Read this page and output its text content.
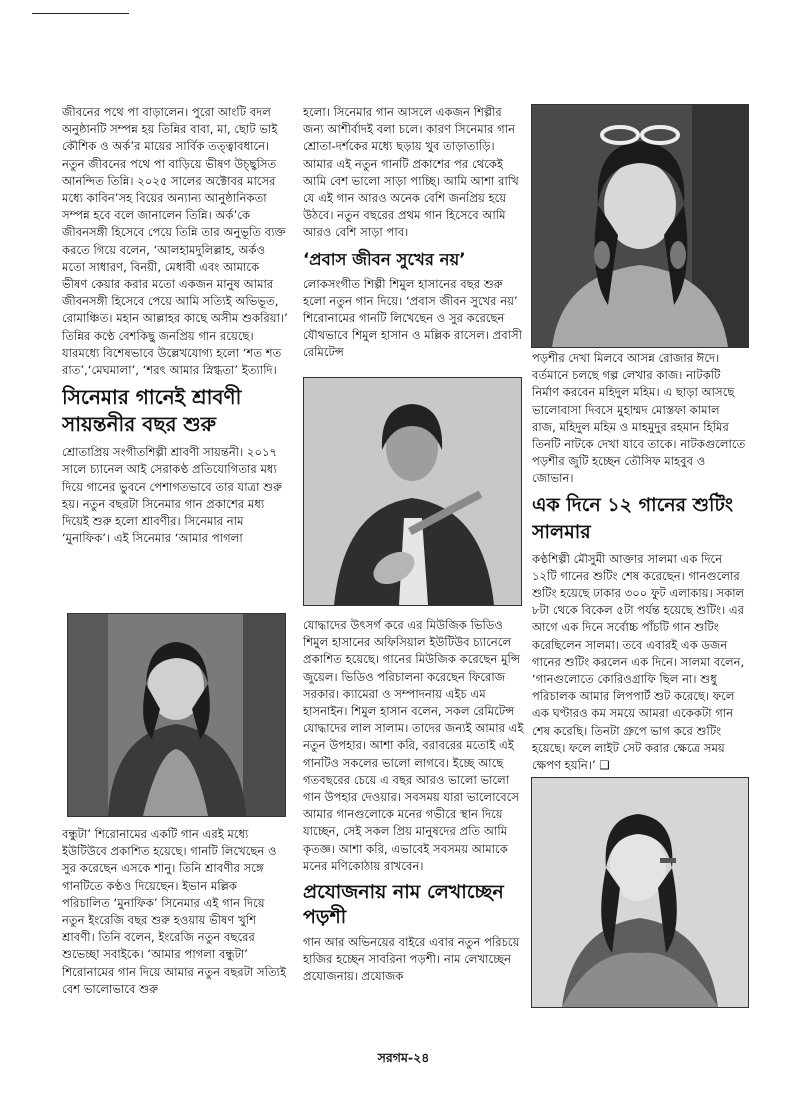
জীবনের পথে পা বাড়ালেন। পুরো আংটি বদল অনুষ্ঠানটি সম্পন্ন হয় তিন্নির বাবা, মা, ছোট ভাই কৌশিক ও অর্ক’র মায়ের সার্বিক তত্ত্বাবধানে। নতুন জীবনের পথে পা বাড়িয়ে ভীষণ উচ্ছ্বসিত আনন্দিত তিন্নি। ২০২৫ সালের অক্টোবর মাসের মধ্যে কাবিন’সহ বিয়ের অন্যান্য আনুষ্ঠানিকতা সম্পন্ন হবে বলে জানালেন তিন্নি। অর্ক’কে জীবনসঙ্গী হিসেবে পেয়ে তিন্নি তার অনুভূতি ব্যক্ত করতে গিয়ে বলেন, ‘আলহামদুলিল্লাহ, অর্কও মতো সাধারণ, বিনয়ী, মেধাবী এবং আমাকে ভীষণ কেয়ার করার মতো একজন মানুষ আমার জীবনসঙ্গী হিসেবে পেয়ে আমি সত্যিই অভিভূত, রোমাঞ্চিত। মহান আল্লাহর কাছে অসীম শুকরিয়া।’ তিন্নির কণ্ঠে বেশকিছু জনপ্রিয় গান রয়েছে। যারমধ্যে বিশেষভাবে উল্লেখযোগ্য হলো ‘শত শত রাত’,‘মেঘমালা’, ‘শরৎ আমার স্নিগ্ধতা’ ইত্যাদি।

সিনেমার গানেই শ্রাবণী সায়ন্তনীর বছর শুরু

শ্রোতাপ্রিয় সংগীতশিল্পী শ্রাবণী সায়ন্তনী। ২০১৭ সালে চ্যানেল আই সেরাকণ্ঠ প্রতিযোগিতার মধ্য দিয়ে গানের ভুবনে পেশাগতভাবে তার যাত্রা শুরু হয়। নতুন বছরটা সিনেমার গান প্রকাশের মধ্য দিয়েই শুরু হলো শ্রাবণীর। সিনেমার নাম ‘মুনাফিক’। এই সিনেমার ‘আমার পাগলা

বন্ধুটা’ শিরোনামের একটি গান এরই মধ্যে ইউটিউবে প্রকাশিত হয়েছে। গানটি লিখেছেন ও সুর করেছেন এসকে শানু। তিনি শ্রাবণীর সঙ্গে গানটিতে কণ্ঠও দিয়েছেন। ইভান মল্লিক পরিচালিত ‘মুনাফিক’ সিনেমার এই গান দিয়ে নতুন ইংরেজি বছর শুরু হওয়ায় ভীষণ খুশি শ্রাবণী। তিনি বলেন, ইংরেজি নতুন বছরের শুভেচ্ছা সবাইকে। ‘আমার পাগলা বন্ধুটা’ শিরোনামের গান দিয়ে আমার নতুন বছরটা সত্যিই বেশ ভালোভাবে শুরু

হলো। সিনেমার গান আসলে একজন শিল্পীর জন্য আশীর্বাদই বলা চলে। কারণ সিনেমার গান শ্রোতা-দর্শকের মধ্যে ছড়ায় খুব তাড়াতাড়ি। আমার এই নতুন গানটি প্রকাশের পর থেকেই আমি বেশ ভালো সাড়া পাচ্ছি। আমি আশা রাখি যে এই গান আরও অনেক বেশি জনপ্রিয় হয়ে উঠবে। নতুন বছরের প্রথম গান হিসেবে আমি আরও বেশি সাড়া পাব।

‘প্রবাস জীবন সুখের নয়’

লোকসংগীত শিল্পী শিমুল হাসানের বছর শুরু হলো নতুন গান দিয়ে। ‘প্রবাস জীবন সুখের নয়’ শিরোনামের গানটি লিখেছেন ও সুর করেছেন যৌথভাবে শিমুল হাসান ও মল্লিক রাসেল। প্রবাসী রেমিটেন্স

যোদ্ধাদের উৎসর্গ করে এর মিউজিক ভিডিও শিমুল হাসানের অফিসিয়াল ইউটিউব চ্যানেলে প্রকাশিত হয়েছে। গানের মিউজিক করেছেন মুন্সি জুয়েল। ভিডিও পরিচালনা করেছেন ফিরোজ সরকার। ক্যামেরা ও সম্পাদনায় এইচ এম হাসনাইন। শিমুল হাসান বলেন, সকল রেমিটেন্স যোদ্ধাদের লাল সালাম। তাদের জন্যই আমার এই নতুন উপহার। আশা করি, বরাবরের মতোই এই গানটিও সকলের ভালো লাগবে। ইচ্ছে আছে গতবছরের চেয়ে এ বছর আরও ভালো ভালো গান উপহার দেওয়ার। সবসময় যারা ভালোবেসে আমার গানগুলোকে মনের গভীরে স্থান দিয়ে যাচ্ছেন, সেই সকল প্রিয় মানুষদের প্রতি আমি কৃতজ্ঞ। আশা করি, এভাবেই সবসময় আমাকে মনের মণিকোঠায় রাখবেন।

প্রযোজনায় নাম লেখাচ্ছেন পড়শী

গান আর অভিনয়ের বাইরে এবার নতুন পরিচয়ে হাজির হচ্ছেন সাবরিনা পড়শী। নাম লেখাচ্ছেন প্রযোজনায়। প্রযোজক

পড়শীর দেখা মিলবে আসন্ন রোজার ঈদে। বর্তমানে চলছে গল্প লেখার কাজ। নাটকটি নির্মাণ করবেন মহিদুল মহিম। এ ছাড়া আসছে ভালোবাসা দিবসে মুহাম্মদ মোস্তফা কামাল রাজ, মহিদুল মহিম ও মাহমুদুর রহমান হিমির তিনটি নাটকে দেখা যাবে তাকে। নাটকগুলোতে পড়শীর জুটি হচ্ছেন তৌসিফ মাহবুব ও জোভান।

এক দিনে ১২ গানের শুটিং সালমার

কণ্ঠশিল্পী মৌসুমী আক্তার সালমা এক দিনে ১২টি গানের শুটিং শেষ করেছেন। গানগুলোর শুটিং হয়েছে ঢাকার ৩০০ ফুট এলাকায়। সকাল ৮টা থেকে বিকেল ৫টা পর্যন্ত হয়েছে শুটিং। এর আগে এক দিনে সর্বোচ্চ পাঁচটি গান শুটিং করেছিলেন সালমা। তবে এবারই এক ডজন গানের শুটিং করলেন এক দিনে। সালমা বলেন, ‘গানগুলোতে কোরিওগ্রাফি ছিল না। শুধু পরিচালক আমার লিপপার্ট শুট করেছে। ফলে এক ঘণ্টারও কম সময়ে আমরা একেকটা গান শেষ করেছি। তিনটা গ্রুপে ভাগ করে শুটিং হয়েছে। ফলে লাইট সেট করার ক্ষেত্রে সময় ক্ষেপণ হয়নি।’ ❑

সরগম-২৪
